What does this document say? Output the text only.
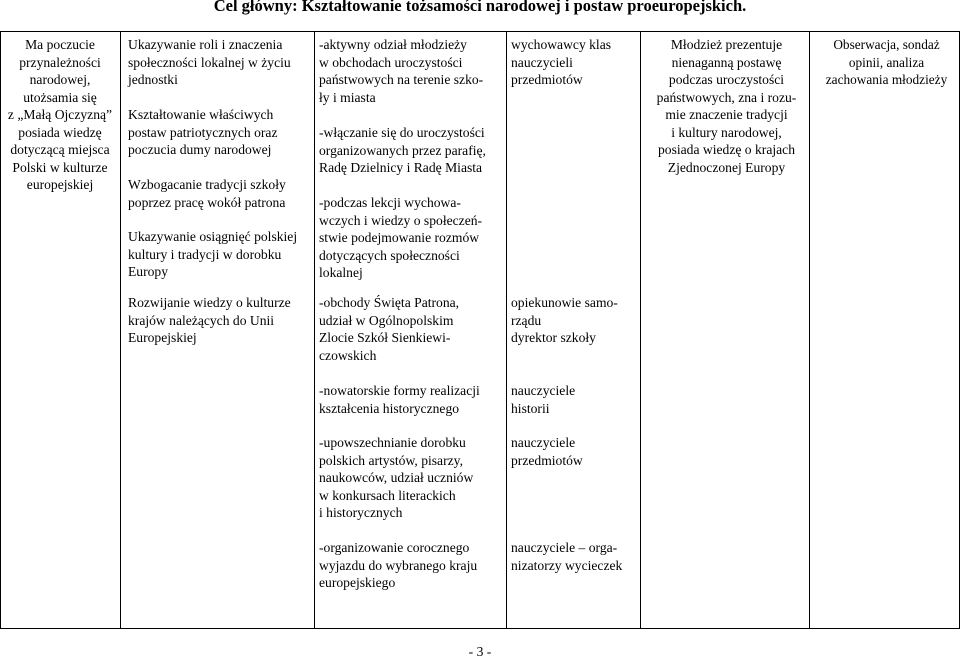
Cel główny: Kształtowanie tożsamości narodowej i postaw proeuropejskich.
Ma poczucie
przynależności
narodowej,
utożsamia się
z „Małą Ojczyzną”
posiada wiedzę
dotyczącą miejsca
Polski w kulturze
europejskiej
Ukazywanie roli i znaczenia
społeczności lokalnej w życiu
jednostki
Kształtowanie właściwych
postaw patriotycznych oraz
poczucia dumy narodowej
Wzbogacanie tradycji szkoły
poprzez pracę wokół patrona
Ukazywanie osiągnięć polskiej
kultury i tradycji w dorobku
Europy
Rozwijanie wiedzy o kulturze
krajów należących do Unii
Europejskiej
-aktywny odział młodzieży
w obchodach uroczystości
państwowych na terenie szko-
ły i miasta
-włączanie się do uroczystości
organizowanych przez parafię,
Radę Dzielnicy i Radę Miasta
-podczas lekcji wychowa-
wczych i wiedzy o społeczeń-
stwie podejmowanie rozmów
dotyczących społeczności
lokalnej
-obchody Święta Patrona,
udział w Ogólnopolskim
Zlocie Szkół Sienkiewi-
czowskich
-nowatorskie formy realizacji
kształcenia historycznego
-upowszechnianie dorobku
polskich artystów, pisarzy,
naukowców, udział uczniów
w konkursach literackich
i historycznych
-organizowanie corocznego
wyjazdu do wybranego kraju
europejskiego
wychowawcy klas
nauczycieli
przedmiotów
opiekunowie samo-
rządu
dyrektor szkoły
nauczyciele
historii
nauczyciele
przedmiotów
nauczyciele – orga-
nizatorzy wycieczek
Młodzież prezentuje
nienaganną postawę
podczas uroczystości
państwowych, zna i rozu-
mie znaczenie tradycji
i kultury narodowej,
posiada wiedzę o krajach
Zjednoczonej Europy
Obserwacja, sondaż
opinii, analiza
zachowania młodzieży
- 3 -
